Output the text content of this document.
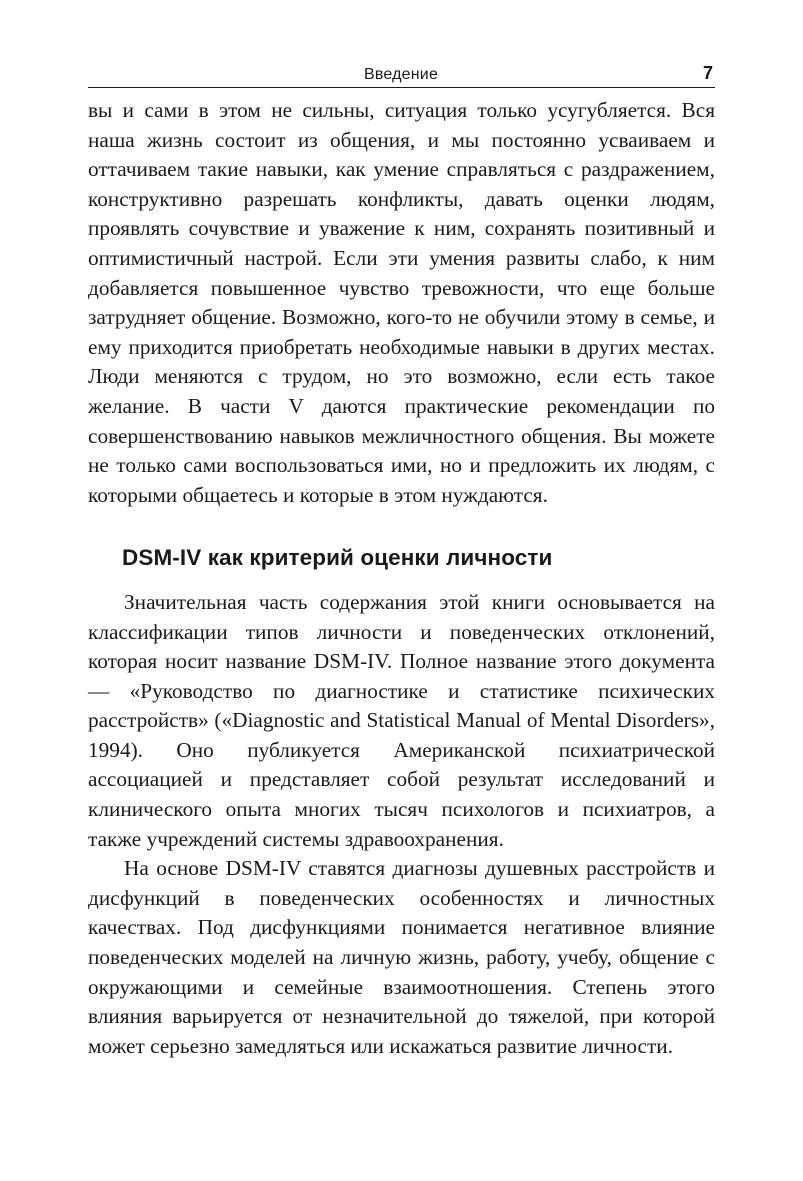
Введение	7

вы и сами в этом не сильны, ситуация только усугубляется. Вся наша жизнь состоит из общения, и мы постоянно усваиваем и оттачиваем такие навыки, как умение справляться с раздражением, конструктивно разрешать конфликты, давать оценки людям, проявлять сочувствие и уважение к ним, сохранять позитивный и оптимистичный настрой. Если эти умения развиты слабо, к ним добавляется повышенное чувство тревожности, что еще больше затрудняет общение. Возможно, кого-то не обучили этому в семье, и ему приходится приобретать необходимые навыки в других местах. Люди меняются с трудом, но это возможно, если есть такое желание. В части V даются практические рекомендации по совершенствованию навыков межличностного общения. Вы можете не только сами воспользоваться ими, но и предложить их людям, с которыми общаетесь и которые в этом нуждаются.

DSM-IV как критерий оценки личности

Значительная часть содержания этой книги основывается на классификации типов личности и поведенческих отклонений, которая носит название DSM-IV. Полное название этого документа — «Руководство по диагностике и статистике психических расстройств» («Diagnostic and Statistical Manual of Mental Disorders», 1994). Оно публикуется Американской психиатрической ассоциацией и представляет собой результат исследований и клинического опыта многих тысяч психологов и психиатров, а также учреждений системы здравоохранения.

На основе DSM-IV ставятся диагнозы душевных расстройств и дисфункций в поведенческих особенностях и личностных качествах. Под дисфункциями понимается негативное влияние поведенческих моделей на личную жизнь, работу, учебу, общение с окружающими и семейные взаимоотношения. Степень этого влияния варьируется от незначительной до тяжелой, при которой может серьезно замедляться или искажаться развитие личности.
